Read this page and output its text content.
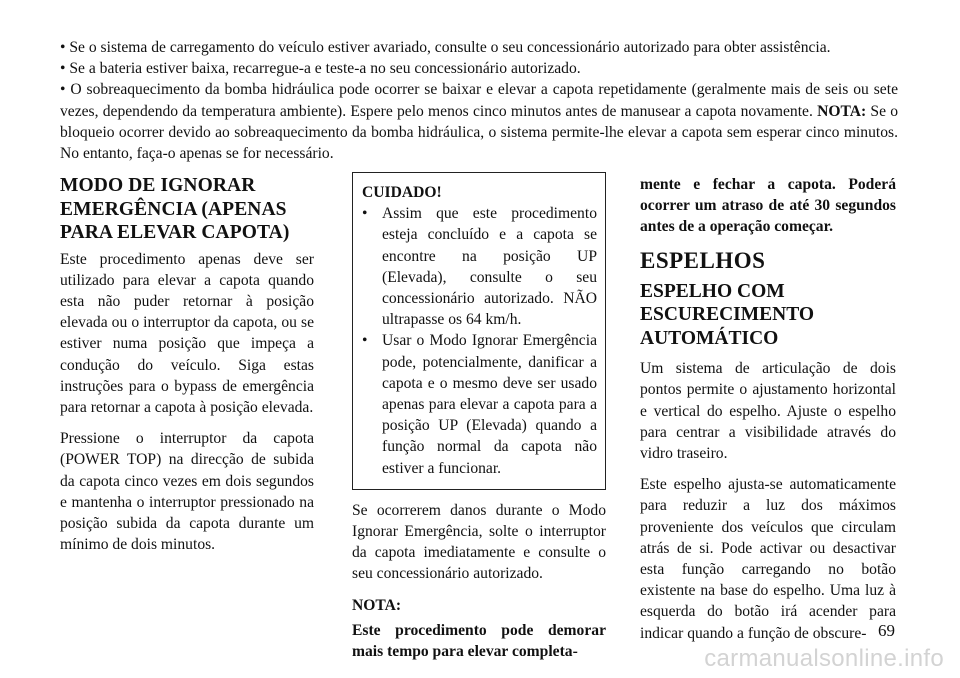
• Se o sistema de carregamento do veículo estiver avariado, consulte o seu concessionário autorizado para obter assistência.

• Se a bateria estiver baixa, recarregue-a e teste-a no seu concessionário autorizado.

• O sobreaquecimento da bomba hidráulica pode ocorrer se baixar e elevar a capota repetidamente (geralmente mais de seis ou sete vezes, dependendo da temperatura ambiente). Espere pelo menos cinco minutos antes de manusear a capota novamente. NOTA: Se o bloqueio ocorrer devido ao sobreaquecimento da bomba hidráulica, o sistema permite-lhe elevar a capota sem esperar cinco minutos. No entanto, faça-o apenas se for necessário.

MODO DE IGNORAR EMERGÊNCIA (APENAS PARA ELEVAR CAPOTA)

Este procedimento apenas deve ser utilizado para elevar a capota quando esta não puder retornar à posição elevada ou o interruptor da capota, ou se estiver numa posição que impeça a condução do veículo. Siga estas instruções para o bypass de emergência para retornar a capota à posição elevada.

Pressione o interruptor da capota (POWER TOP) na direcção de subida da capota cinco vezes em dois segundos e mantenha o interruptor pressionado na posição subida da capota durante um mínimo de dois minutos.

CUIDADO!

• Assim que este procedimento esteja concluído e a capota se encontre na posição UP (Elevada), consulte o seu concessionário autorizado. NÃO ultrapasse os 64 km/h.
• Usar o Modo Ignorar Emergência pode, potencialmente, danificar a capota e o mesmo deve ser usado apenas para elevar a capota para a posição UP (Elevada) quando a função normal da capota não estiver a funcionar.

Se ocorrerem danos durante o Modo Ignorar Emergência, solte o interruptor da capota imediatamente e consulte o seu concessionário autorizado.

NOTA:

Este procedimento pode demorar mais tempo para elevar completa-

mente e fechar a capota. Poderá ocorrer um atraso de até 30 segundos antes de a operação começar.

ESPELHOS
ESPELHO COM ESCURECIMENTO AUTOMÁTICO

Um sistema de articulação de dois pontos permite o ajustamento horizontal e vertical do espelho. Ajuste o espelho para centrar a visibilidade através do vidro traseiro.

Este espelho ajusta-se automaticamente para reduzir a luz dos máximos proveniente dos veículos que circulam atrás de si. Pode activar ou desactivar esta função carregando no botão existente na base do espelho. Uma luz à esquerda do botão irá acender para indicar quando a função de obscure- 69
carmanualsonline.info
